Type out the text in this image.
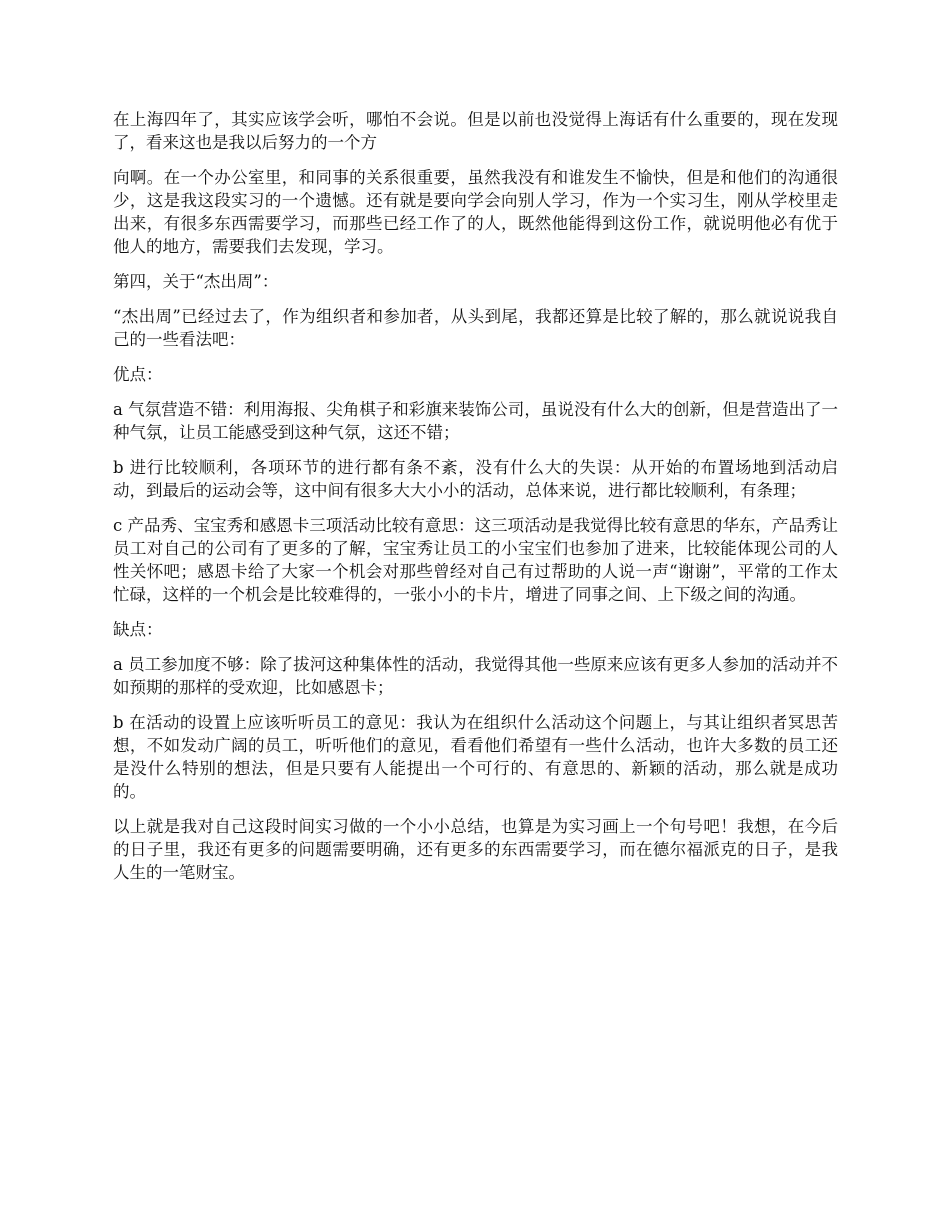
在上海四年了，其实应该学会听，哪怕不会说。但是以前也没觉得上海话有什么重要的，现在发现了，看来这也是我以后努力的一个方

向啊。在一个办公室里，和同事的关系很重要，虽然我没有和谁发生不愉快，但是和他们的沟通很少，这是我这段实习的一个遗憾。还有就是要向学会向别人学习，作为一个实习生，刚从学校里走出来，有很多东西需要学习，而那些已经工作了的人，既然他能得到这份工作，就说明他必有优于他人的地方，需要我们去发现，学习。

第四，关于“杰出周”：

“杰出周”已经过去了，作为组织者和参加者，从头到尾，我都还算是比较了解的，那么就说说我自己的一些看法吧：

优点：

a 气氛营造不错：利用海报、尖角棋子和彩旗来装饰公司，虽说没有什么大的创新，但是营造出了一种气氛，让员工能感受到这种气氛，这还不错；

b 进行比较顺利，各项环节的进行都有条不紊，没有什么大的失误：从开始的布置场地到活动启动，到最后的运动会等，这中间有很多大大小小的活动，总体来说，进行都比较顺利，有条理；

c 产品秀、宝宝秀和感恩卡三项活动比较有意思：这三项活动是我觉得比较有意思的华东，产品秀让员工对自己的公司有了更多的了解，宝宝秀让员工的小宝宝们也参加了进来，比较能体现公司的人性关怀吧；感恩卡给了大家一个机会对那些曾经对自己有过帮助的人说一声“谢谢”，平常的工作太忙碌，这样的一个机会是比较难得的，一张小小的卡片，增进了同事之间、上下级之间的沟通。

缺点：

a 员工参加度不够：除了拔河这种集体性的活动，我觉得其他一些原来应该有更多人参加的活动并不如预期的那样的受欢迎，比如感恩卡；

b 在活动的设置上应该听听员工的意见：我认为在组织什么活动这个问题上，与其让组织者冥思苦想，不如发动广阔的员工，听听他们的意见，看看他们希望有一些什么活动，也许大多数的员工还是没什么特别的想法，但是只要有人能提出一个可行的、有意思的、新颖的活动，那么就是成功的。

以上就是我对自己这段时间实习做的一个小小总结，也算是为实习画上一个句号吧！我想，在今后的日子里，我还有更多的问题需要明确，还有更多的东西需要学习，而在德尔福派克的日子，是我人生的一笔财宝。
